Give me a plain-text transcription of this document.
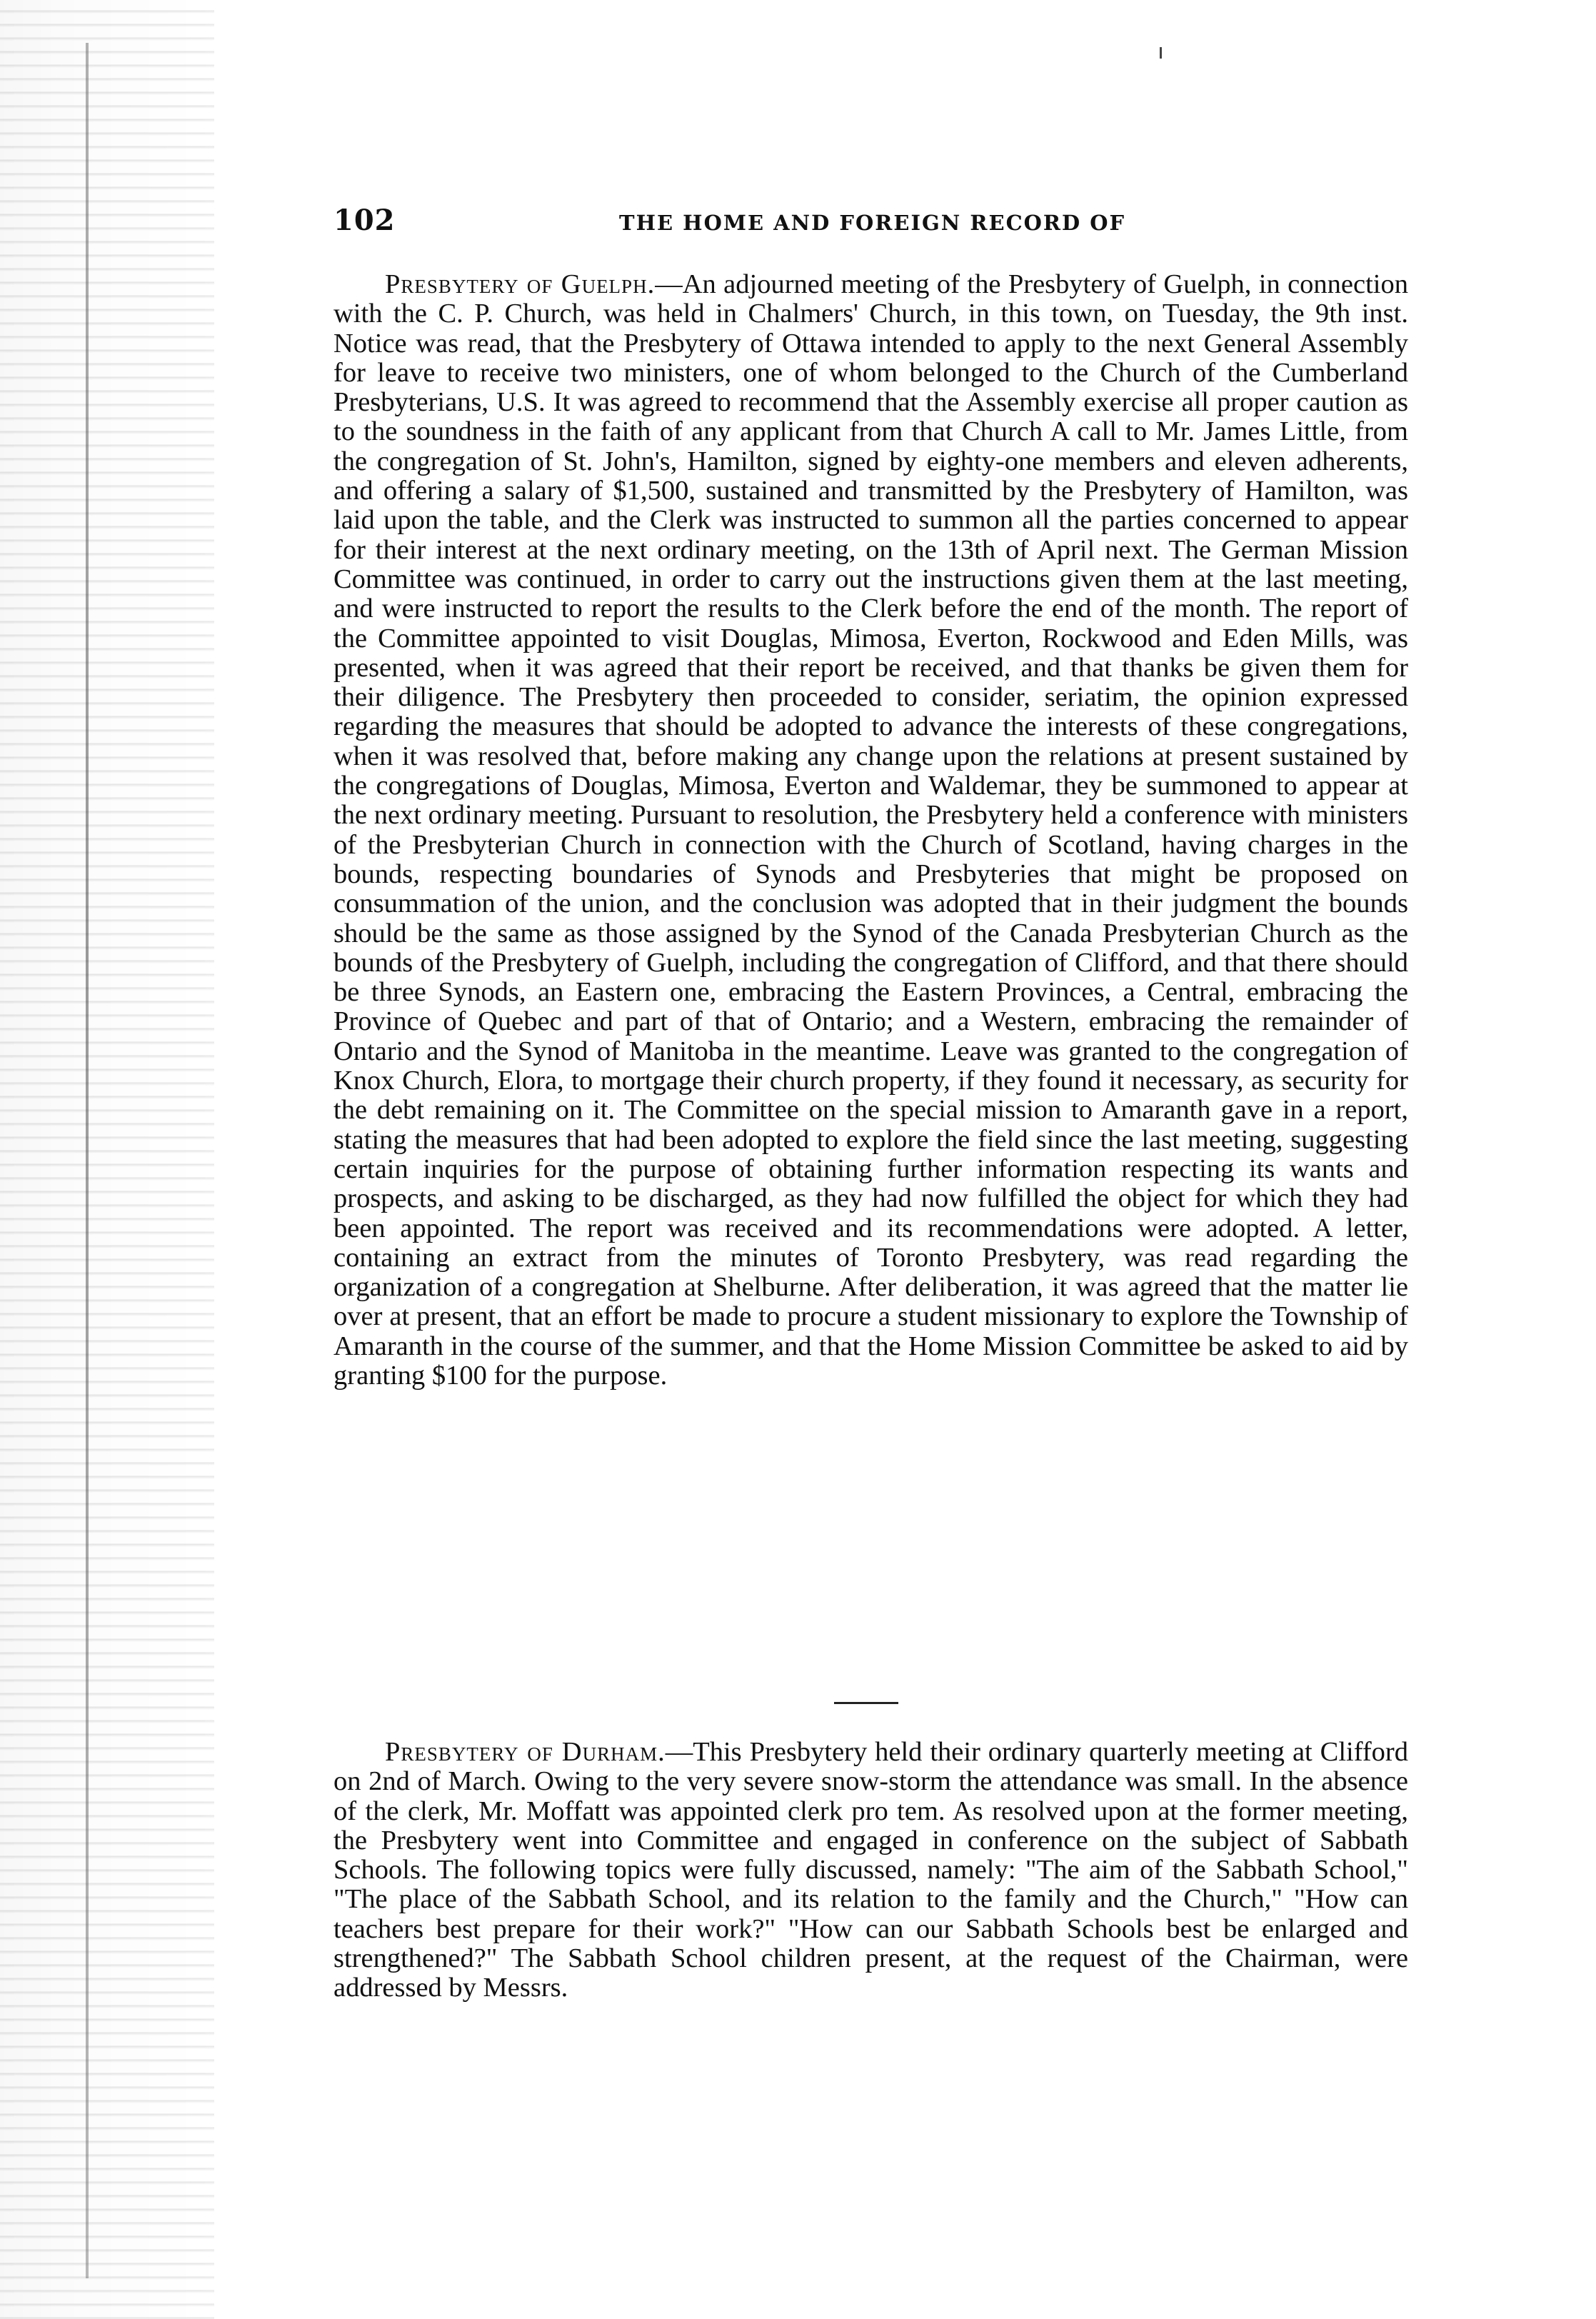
102	THE HOME AND FOREIGN RECORD OF

Presbytery of Guelph.—An adjourned meeting of the Presbytery of Guelph, in connection with the C. P. Church, was held in Chalmers' Church, in this town, on Tuesday, the 9th inst. Notice was read, that the Presbytery of Ottawa intended to apply to the next General Assembly for leave to receive two ministers, one of whom belonged to the Church of the Cumberland Presbyterians, U.S. It was agreed to recommend that the Assembly exercise all proper caution as to the soundness in the faith of any applicant from that Church A call to Mr. James Little, from the congregation of St. John's, Hamilton, signed by eighty-one members and eleven adherents, and offering a salary of $1,500, sustained and transmitted by the Presbytery of Hamilton, was laid upon the table, and the Clerk was instructed to summon all the parties concerned to appear for their interest at the next ordinary meeting, on the 13th of April next. The German Mission Committee was continued, in order to carry out the instructions given them at the last meeting, and were instructed to report the results to the Clerk before the end of the month. The report of the Committee appointed to visit Douglas, Mimosa, Everton, Rockwood and Eden Mills, was presented, when it was agreed that their report be received, and that thanks be given them for their diligence. The Presbytery then proceeded to consider, seriatim, the opinion expressed regarding the measures that should be adopted to advance the interests of these congregations, when it was resolved that, before making any change upon the relations at present sustained by the congregations of Douglas, Mimosa, Everton and Waldemar, they be summoned to appear at the next ordinary meeting. Pursuant to resolution, the Presbytery held a conference with ministers of the Presbyterian Church in connection with the Church of Scotland, having charges in the bounds, respecting boundaries of Synods and Presbyteries that might be proposed on consummation of the union, and the conclusion was adopted that in their judgment the bounds should be the same as those assigned by the Synod of the Canada Presbyterian Church as the bounds of the Presbytery of Guelph, including the congregation of Clifford, and that there should be three Synods, an Eastern one, embracing the Eastern Provinces, a Central, embracing the Province of Quebec and part of that of Ontario; and a Western, embracing the remainder of Ontario and the Synod of Manitoba in the meantime. Leave was granted to the congregation of Knox Church, Elora, to mortgage their church property, if they found it necessary, as security for the debt remaining on it. The Committee on the special mission to Amaranth gave in a report, stating the measures that had been adopted to explore the field since the last meeting, suggesting certain inquiries for the purpose of obtaining further information respecting its wants and prospects, and asking to be discharged, as they had now fulfilled the object for which they had been appointed. The report was received and its recommendations were adopted. A letter, containing an extract from the minutes of Toronto Presbytery, was read regarding the organization of a congregation at Shelburne. After deliberation, it was agreed that the matter lie over at present, that an effort be made to procure a student missionary to explore the Township of Amaranth in the course of the summer, and that the Home Mission Committee be asked to aid by granting $100 for the purpose.

Presbytery of Durham.—This Presbytery held their ordinary quarterly meeting at Clifford on 2nd of March. Owing to the very severe snow-storm the attendance was small. In the absence of the clerk, Mr. Moffatt was appointed clerk pro tem. As resolved upon at the former meeting, the Presbytery went into Committee and engaged in conference on the subject of Sabbath Schools. The following topics were fully discussed, namely: "The aim of the Sabbath School," "The place of the Sabbath School, and its relation to the family and the Church," "How can teachers best prepare for their work?" "How can our Sabbath Schools best be enlarged and strengthened?" The Sabbath School children present, at the request of the Chairman, were addressed by Messrs.
